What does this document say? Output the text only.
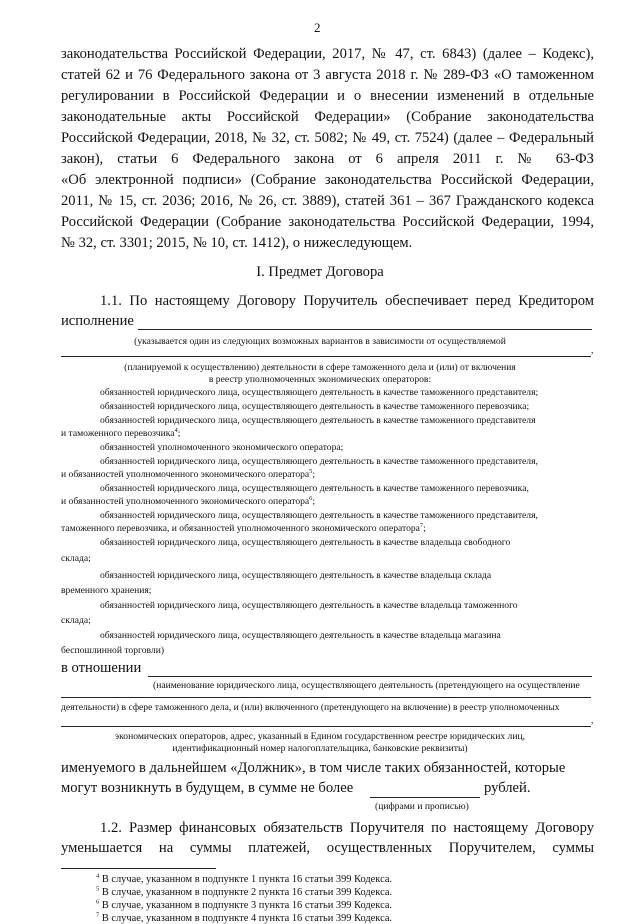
2
законодательства Российской Федерации, 2017, № 47, ст. 6843) (далее – Кодекс),
статей 62 и 76 Федерального закона от 3 августа 2018 г. № 289-ФЗ «О таможенном
регулировании в Российской Федерации и о внесении изменений в отдельные
законодательные акты Российской Федерации» (Собрание законодательства
Российской Федерации, 2018, № 32, ст. 5082; № 49, ст. 7524) (далее – Федеральный
закон), статьи 6 Федерального закона от 6 апреля 2011 г. № 63-ФЗ
«Об электронной подписи» (Собрание законодательства Российской Федерации,
2011, № 15, ст. 2036; 2016, № 26, ст. 3889), статей 361 – 367 Гражданского кодекса
Российской Федерации (Собрание законодательства Российской Федерации, 1994,
№ 32, ст. 3301; 2015, № 10, ст. 1412), о нижеследующем.
I. Предмет Договора
1.1. По настоящему Договору Поручитель обеспечивает перед Кредитором
исполнение
(указывается один из следующих возможных вариантов в зависимости от осуществляемой
,
(планируемой к осуществлению) деятельности в сфере таможенного дела и (или) от включения
в реестр уполномоченных экономических операторов:
обязанностей юридического лица, осуществляющего деятельность в качестве таможенного представителя;
обязанностей юридического лица, осуществляющего деятельность в качестве таможенного перевозчика;
обязанностей юридического лица, осуществляющего деятельность в качестве таможенного представителя
и таможенного перевозчика$^4$;
обязанностей уполномоченного экономического оператора;
обязанностей юридического лица, осуществляющего деятельность в качестве таможенного представителя,
и обязанностей уполномоченного экономического оператора$^5$;
обязанностей юридического лица, осуществляющего деятельность в качестве таможенного перевозчика,
и обязанностей уполномоченного экономического оператора$^6$;
обязанностей юридического лица, осуществляющего деятельность в качестве таможенного представителя,
таможенного перевозчика, и обязанностей уполномоченного экономического оператора$^7$;
обязанностей юридического лица, осуществляющего деятельность в качестве владельца свободного
склада;
обязанностей юридического лица, осуществляющего деятельность в качестве владельца склада
временного хранения;
обязанностей юридического лица, осуществляющего деятельность в качестве владельца таможенного
склада;
обязанностей юридического лица, осуществляющего деятельность в качестве владельца магазина
беспошлинной торговли)
в отношении
(наименование юридического лица, осуществляющего деятельность (претендующего на осуществление
деятельности) в сфере таможенного дела, и (или) включенного (претендующего на включение) в реестр уполномоченных
,
экономических операторов, адрес, указанный в Едином государственном реестре юридических лиц,
идентификационный номер налогоплательщика, банковские реквизиты)
именуемого в дальнейшем «Должник», в том числе таких обязанностей, которые
могут возникнуть в будущем, в сумме не более	рублей.
(цифрами и прописью)
1.2. Размер финансовых обязательств Поручителя по настоящему Договору
уменьшается на суммы платежей, осуществленных Поручителем, суммы
$^4$ В случае, указанном в подпункте 1 пункта 16 статьи 399 Кодекса.
$^5$ В случае, указанном в подпункте 2 пункта 16 статьи 399 Кодекса.
$^6$ В случае, указанном в подпункте 3 пункта 16 статьи 399 Кодекса.
$^7$ В случае, указанном в подпункте 4 пункта 16 статьи 399 Кодекса.
